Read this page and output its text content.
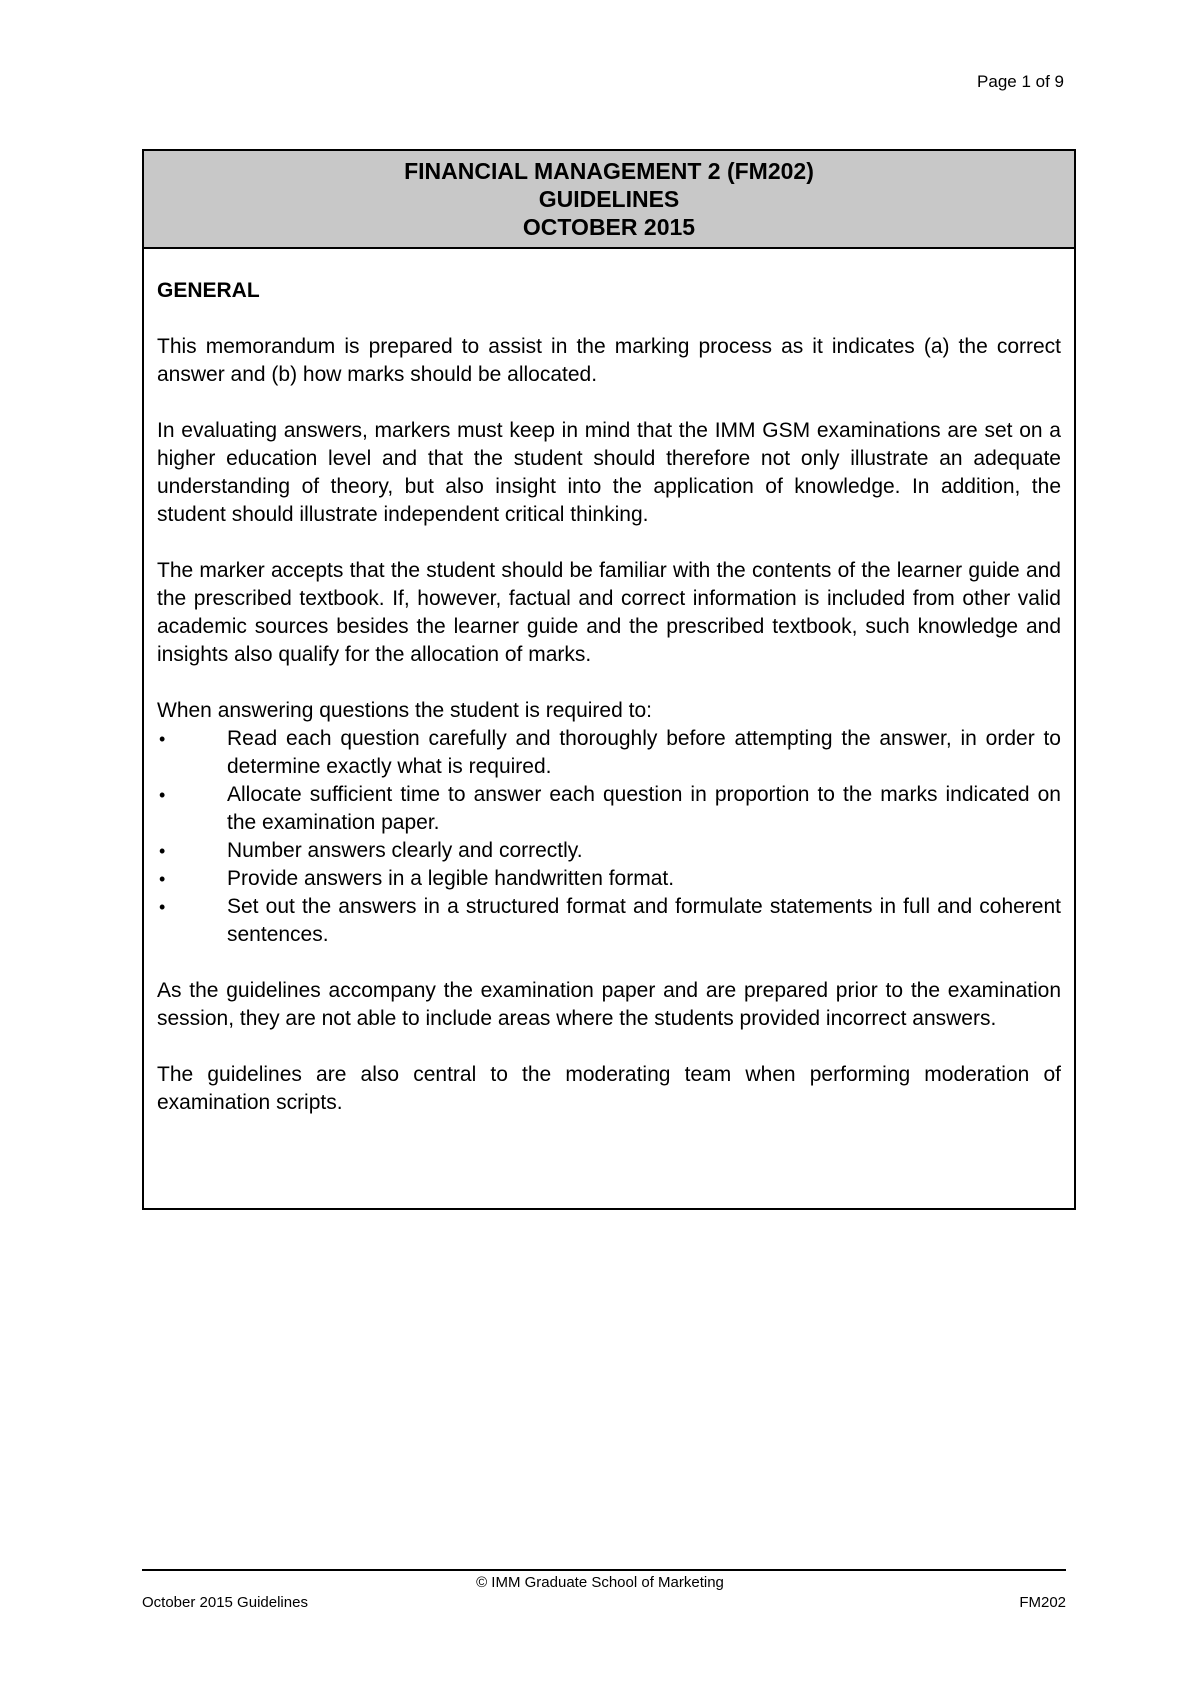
Page 1 of 9
FINANCIAL MANAGEMENT 2 (FM202)
GUIDELINES
OCTOBER 2015

GENERAL

This memorandum is prepared to assist in the marking process as it indicates (a) the correct answer and (b) how marks should be allocated.

In evaluating answers, markers must keep in mind that the IMM GSM examinations are set on a higher education level and that the student should therefore not only illustrate an adequate understanding of theory, but also insight into the application of knowledge. In addition, the student should illustrate independent critical thinking.

The marker accepts that the student should be familiar with the contents of the learner guide and the prescribed textbook. If, however, factual and correct information is included from other valid academic sources besides the learner guide and the prescribed textbook, such knowledge and insights also qualify for the allocation of marks.

When answering questions the student is required to:

•	Read each question carefully and thoroughly before attempting the answer, in order to determine exactly what is required.
•	Allocate sufficient time to answer each question in proportion to the marks indicated on the examination paper.
•	Number answers clearly and correctly.
•	Provide answers in a legible handwritten format.
•	Set out the answers in a structured format and formulate statements in full and coherent sentences.

As the guidelines accompany the examination paper and are prepared prior to the examination session, they are not able to include areas where the students provided incorrect answers.

The guidelines are also central to the moderating team when performing moderation of examination scripts.

© IMM Graduate School of Marketing
October 2015 Guidelines	FM202
